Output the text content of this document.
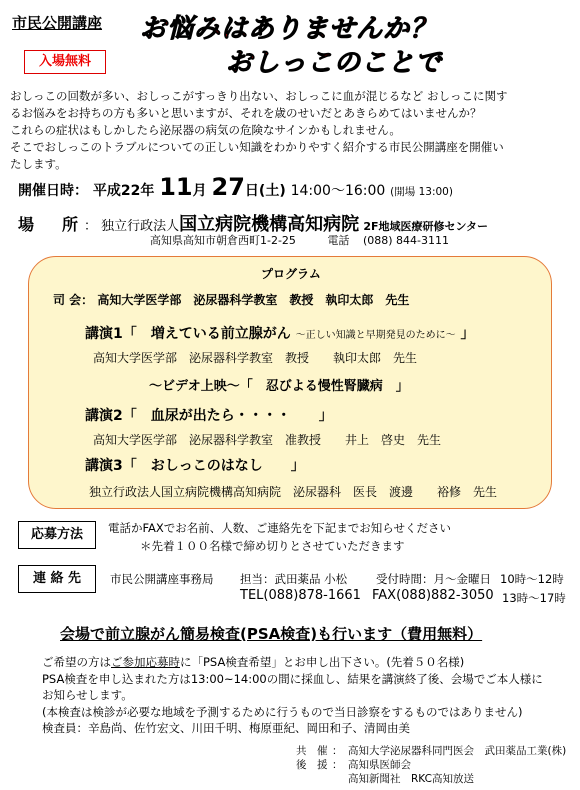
市民公開講座
入場無料
お悩みはありませんか？
おしっこのことで

おしっこの回数が多い、おしっこがすっきり出ない、おしっこに血が混じるなど おしっこに関す

るお悩みをお持ちの方も多いと思いますが、それを歳のせいだとあきらめてはいませんか？

これらの症状はもしかしたら泌尿器の病気の危険なサインかもしれません。

そこでおしっこのトラブルについての正しい知識をわかりやすく紹介する市民公開講座を開催い

たします。

開催日時： 平成22年 11月 27日(土) 14:00〜16:00 (開場 13:00)
場　所： 独立行政法人国立病院機構高知病院 2F地域医療研修センター
高知県高知市朝倉西町1-2-25	電話 (088) 844-3111
プログラム
司 会： 高知大学医学部　泌尿器科学教室　教授　執印太郎　先生
講演1「　増えている前立腺がん 〜正しい知識と早期発見のために〜 」
高知大学医学部　泌尿器科学教室　教授　　執印太郎　先生
〜ビデオ上映〜「　忍びよる慢性腎臓病　」
講演2「　血尿が出たら・・・・　　」
高知大学医学部　泌尿器科学教室　准教授　　井上　啓史　先生
講演3「　おしっこのはなし　　」
独立行政法人国立病院機構高知病院　泌尿器科　医長　渡邊　　裕修　先生
応募方法	電話かFAXでお名前、人数、ご連絡先を下記までお知らせください
＊先着１００名様で締め切りとさせていただきます
連 絡 先	市民公開講座事務局 担当：武田薬品 小松	受付時間：月〜金曜日 10時〜12時
TEL(088)878-1661 FAX(088)882-3050 13時〜17時
会場で前立腺がん簡易検査(PSA検査)も行います（費用無料）

ご希望の方はご参加応募時に「PSA検査希望」とお申し出下さい。(先着５０名様)

PSA検査を申し込まれた方は13:00~14:00の間に採血し、結果を講演終了後、会場でご本人様に

お知らせします。

(本検査は検診が必要な地域を予測するために行うもので当日診察をするものではありません)

検査員：辛島尚、佐竹宏文、川田千明、梅原亜紀、岡田和子、清岡由美

共　催 ： 高知大学泌尿器科同門医会　武田薬品工業(株)
後　援 ： 高知県医師会
高知新聞社　RKC高知放送
